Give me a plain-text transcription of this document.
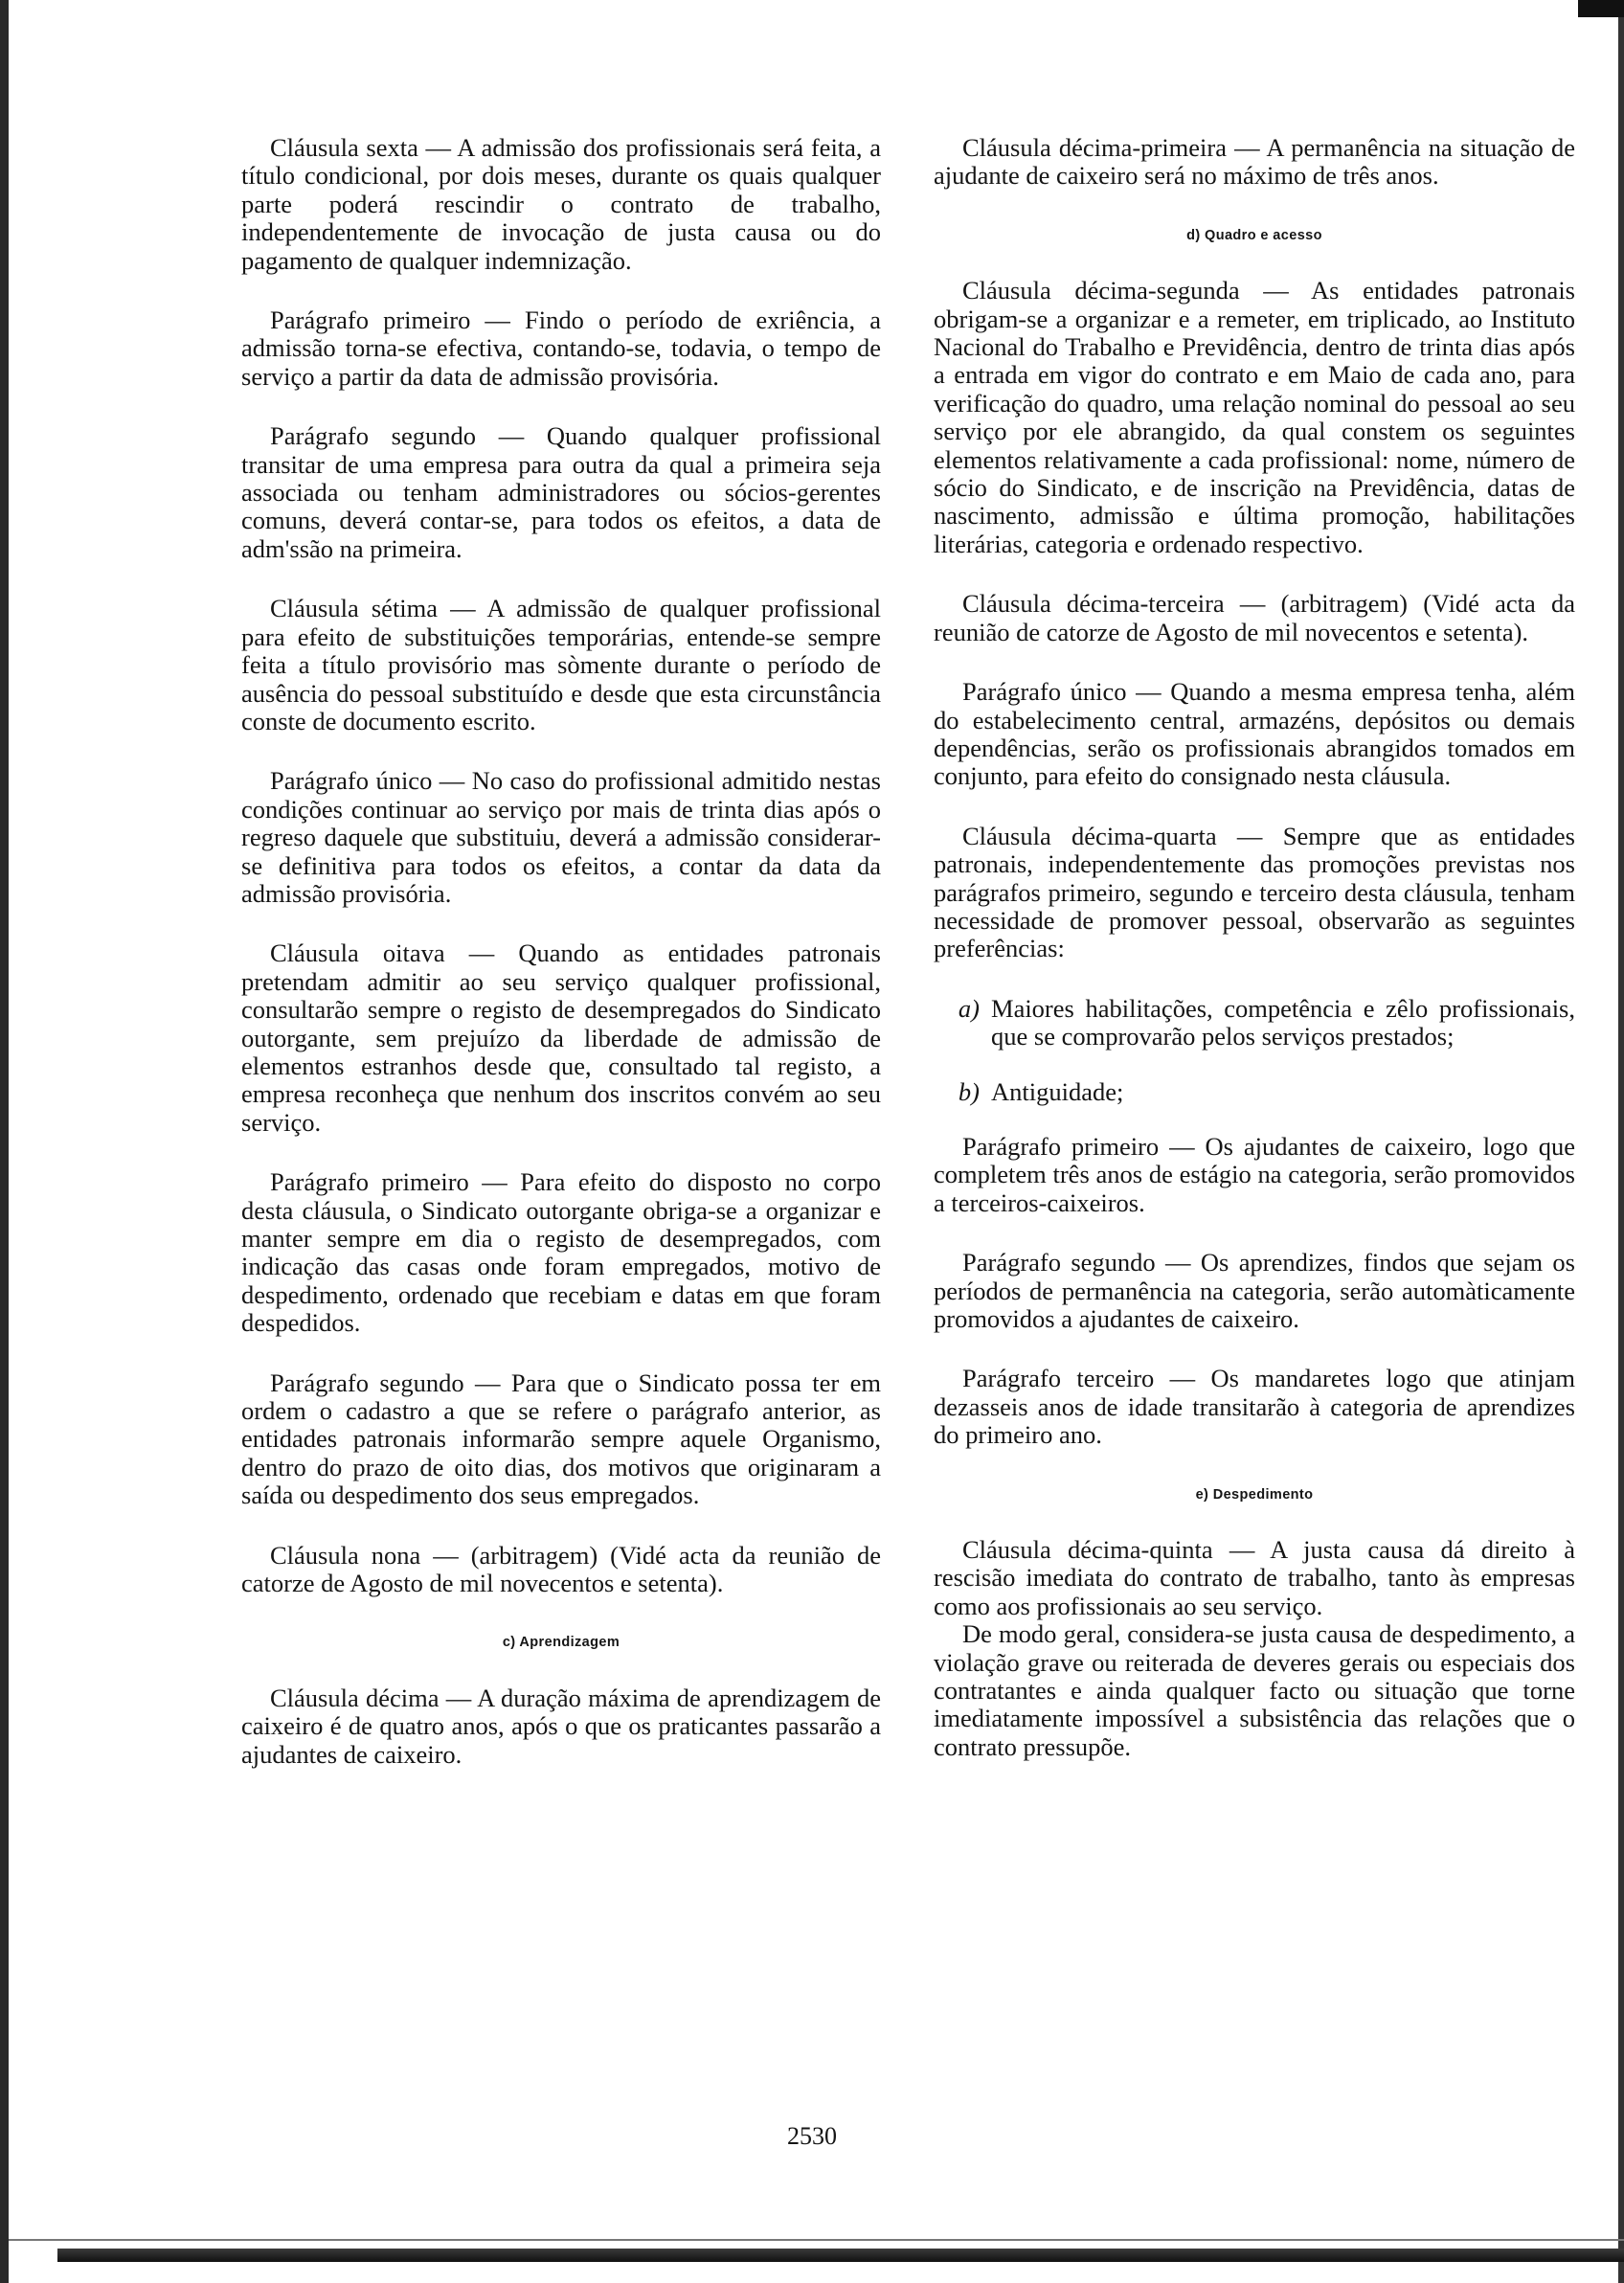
Cláusula sexta — A admissão dos profissionais será feita, a título condicional, por dois meses, durante os quais qualquer parte poderá rescindir o contrato de trabalho, independentemente de invocação de justa causa ou do pagamento de qualquer indemnização.

Parágrafo primeiro — Findo o período de exriência, a admissão torna-se efectiva, contando-se, todavia, o tempo de serviço a partir da data de admissão provisória.

Parágrafo segundo — Quando qualquer profissional transitar de uma empresa para outra da qual a primeira seja associada ou tenham administradores ou sócios-gerentes comuns, deverá contar-se, para todos os efeitos, a data de adm'ssão na primeira.

Cláusula sétima — A admissão de qualquer profissional para efeito de substituições temporárias, entende-se sempre feita a título provisório mas sòmente durante o período de ausência do pessoal substituído e desde que esta circunstância conste de documento escrito.

Parágrafo único — No caso do profissional admitido nestas condições continuar ao serviço por mais de trinta dias após o regreso daquele que substituiu, deverá a admissão considerar-se definitiva para todos os efeitos, a contar da data da admissão provisória.

Cláusula oitava — Quando as entidades patronais pretendam admitir ao seu serviço qualquer profissional, consultarão sempre o registo de desempregados do Sindicato outorgante, sem prejuízo da liberdade de admissão de elementos estranhos desde que, consultado tal registo, a empresa reconheça que nenhum dos inscritos convém ao seu serviço.

Parágrafo primeiro — Para efeito do disposto no corpo desta cláusula, o Sindicato outorgante obriga-se a organizar e manter sempre em dia o registo de desempregados, com indicação das casas onde foram empregados, motivo de despedimento, ordenado que recebiam e datas em que foram despedidos.

Parágrafo segundo — Para que o Sindicato possa ter em ordem o cadastro a que se refere o parágrafo anterior, as entidades patronais informarão sempre aquele Organismo, dentro do prazo de oito dias, dos motivos que originaram a saída ou despedimento dos seus empregados.

Cláusula nona — (arbitragem) (Vidé acta da reunião de catorze de Agosto de mil novecentos e setenta).

c) Aprendizagem

Cláusula décima — A duração máxima de aprendizagem de caixeiro é de quatro anos, após o que os praticantes passarão a ajudantes de caixeiro.

Cláusula décima-primeira — A permanência na situação de ajudante de caixeiro será no máximo de três anos.

d) Quadro e acesso

Cláusula décima-segunda — As entidades patronais obrigam-se a organizar e a remeter, em triplicado, ao Instituto Nacional do Trabalho e Previdência, dentro de trinta dias após a entrada em vigor do contrato e em Maio de cada ano, para verificação do quadro, uma relação nominal do pessoal ao seu serviço por ele abrangido, da qual constem os seguintes elementos relativamente a cada profissional: nome, número de sócio do Sindicato, e de inscrição na Previdência, datas de nascimento, admissão e última promoção, habilitações literárias, categoria e ordenado respectivo.

Cláusula décima-terceira — (arbitragem) (Vidé acta da reunião de catorze de Agosto de mil novecentos e setenta).

Parágrafo único — Quando a mesma empresa tenha, além do estabelecimento central, armazéns, depósitos ou demais dependências, serão os profissionais abrangidos tomados em conjunto, para efeito do consignado nesta cláusula.

Cláusula décima-quarta — Sempre que as entidades patronais, independentemente das promoções previstas nos parágrafos primeiro, segundo e terceiro desta cláusula, tenham necessidade de promover pessoal, observarão as seguintes preferências:

a) Maiores habilitações, competência e zêlo profissionais, que se comprovarão pelos serviços prestados;
b) Antiguidade;

Parágrafo primeiro — Os ajudantes de caixeiro, logo que completem três anos de estágio na categoria, serão promovidos a terceiros-caixeiros.

Parágrafo segundo — Os aprendizes, findos que sejam os períodos de permanência na categoria, serão automàticamente promovidos a ajudantes de caixeiro.

Parágrafo terceiro — Os mandaretes logo que atinjam dezasseis anos de idade transitarão à categoria de aprendizes do primeiro ano.

e) Despedimento

Cláusula décima-quinta — A justa causa dá direito à rescisão imediata do contrato de trabalho, tanto às empresas como aos profissionais ao seu serviço.

De modo geral, considera-se justa causa de despedimento, a violação grave ou reiterada de deveres gerais ou especiais dos contratantes e ainda qualquer facto ou situação que torne imediatamente impossível a subsistência das relações que o contrato pressupõe.

2530
